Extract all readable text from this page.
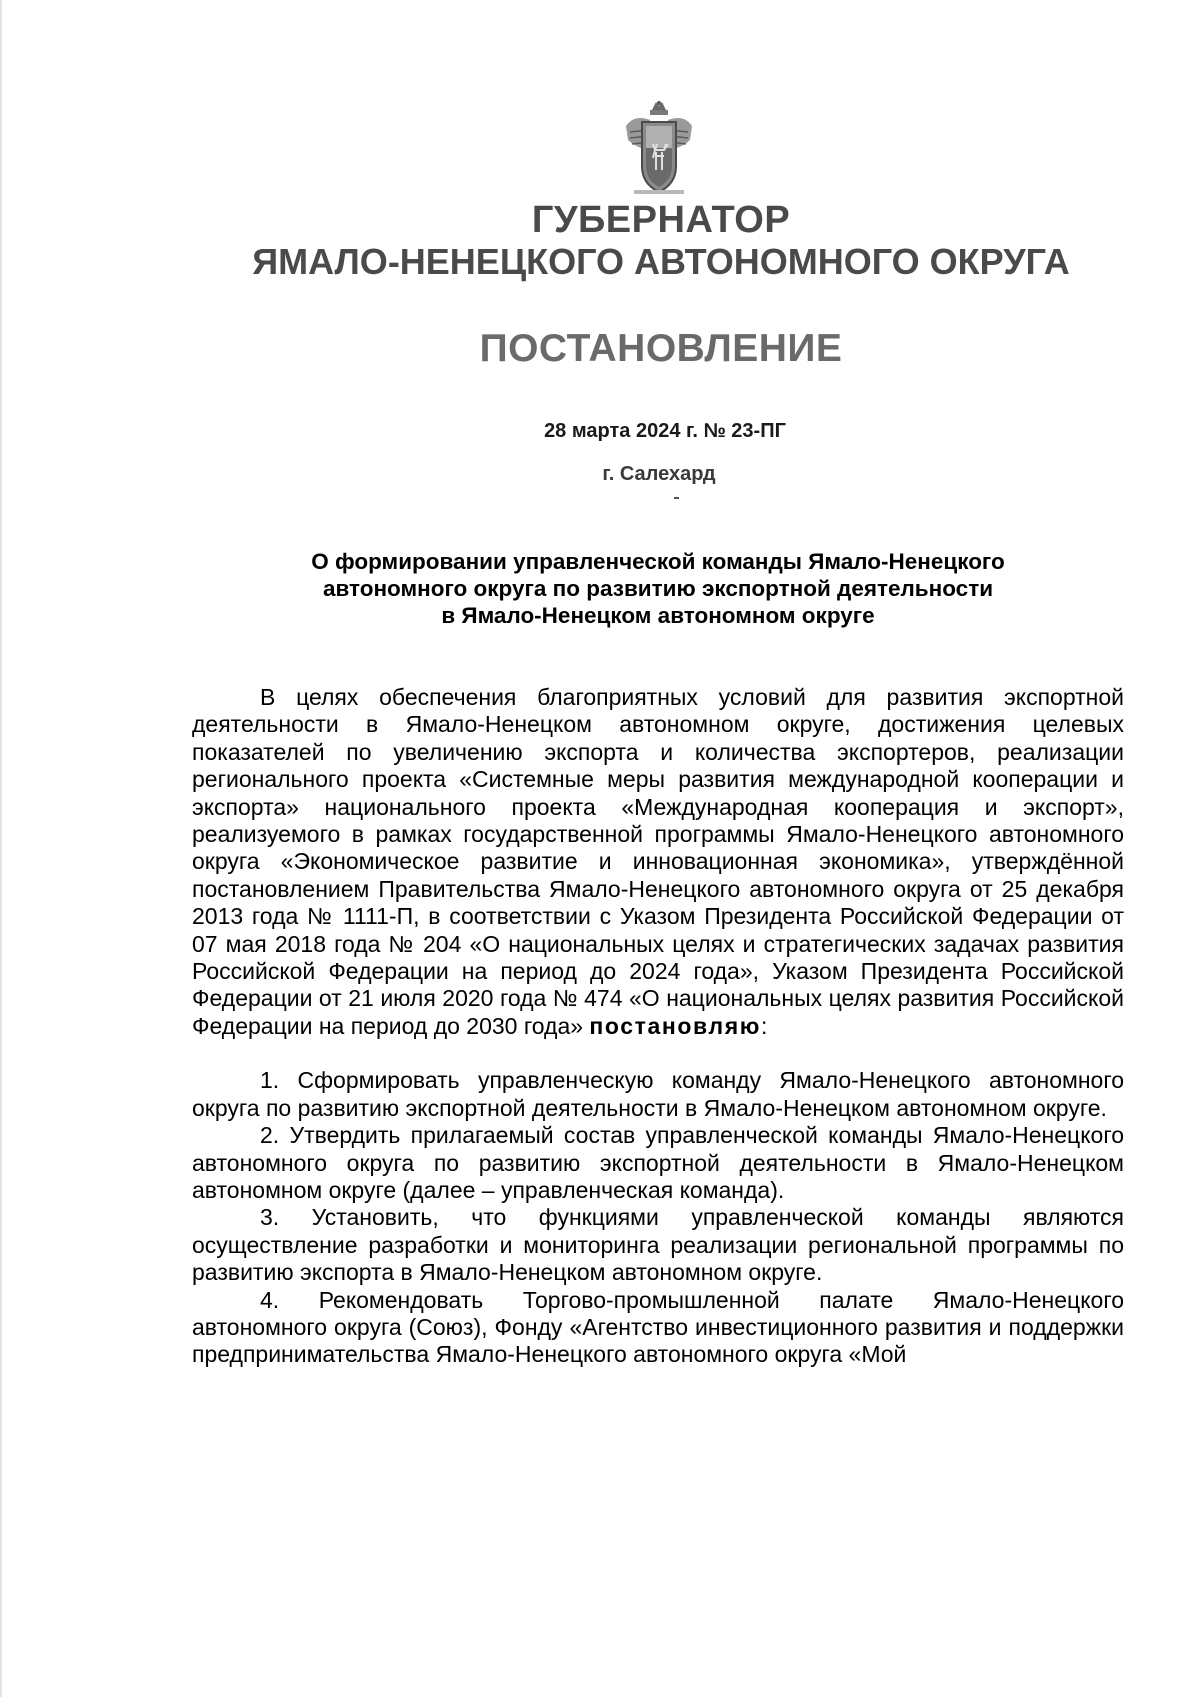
ГУБЕРНАТОР
ЯМАЛО-НЕНЕЦКОГО АВТОНОМНОГО ОКРУГА
ПОСТАНОВЛЕНИЕ
28 марта 2024 г. № 23-ПГ
г. Салехард
О формировании управленческой команды Ямало-Ненецкого
автономного округа по развитию экспортной деятельности
в Ямало-Ненецком автономном округе

В целях обеспечения благоприятных условий для развития экспортной деятельности в Ямало-Ненецком автономном округе, достижения целевых показателей по увеличению экспорта и количества экспортеров, реализации регионального проекта «Системные меры развития международной кооперации и экспорта» национального проекта «Международная кооперация и экспорт», реализуемого в рамках государственной программы Ямало-Ненецкого автономного округа «Экономическое развитие и инновационная экономика», утверждённой постановлением Правительства Ямало-Ненецкого автономного округа от 25 декабря 2013 года № 1111-П, в соответствии с Указом Президента Российской Федерации от 07 мая 2018 года № 204 «О национальных целях и стратегических задачах развития Российской Федерации на период до 2024 года», Указом Президента Российской Федерации от 21 июля 2020 года № 474 «О национальных целях развития Российской Федерации на период до 2030 года» постановляю:

1. Сформировать управленческую команду Ямало-Ненецкого автономного округа по развитию экспортной деятельности в Ямало-Ненецком автономном округе.

2. Утвердить прилагаемый состав управленческой команды Ямало-Ненецкого автономного округа по развитию экспортной деятельности в Ямало-Ненецком автономном округе (далее – управленческая команда).

3. Установить, что функциями управленческой команды являются осуществление разработки и мониторинга реализации региональной программы по развитию экспорта в Ямало-Ненецком автономном округе.

4. Рекомендовать Торгово-промышленной палате Ямало-Ненецкого автономного округа (Союз), Фонду «Агентство инвестиционного развития и поддержки предпринимательства Ямало-Ненецкого автономного округа «Мой
